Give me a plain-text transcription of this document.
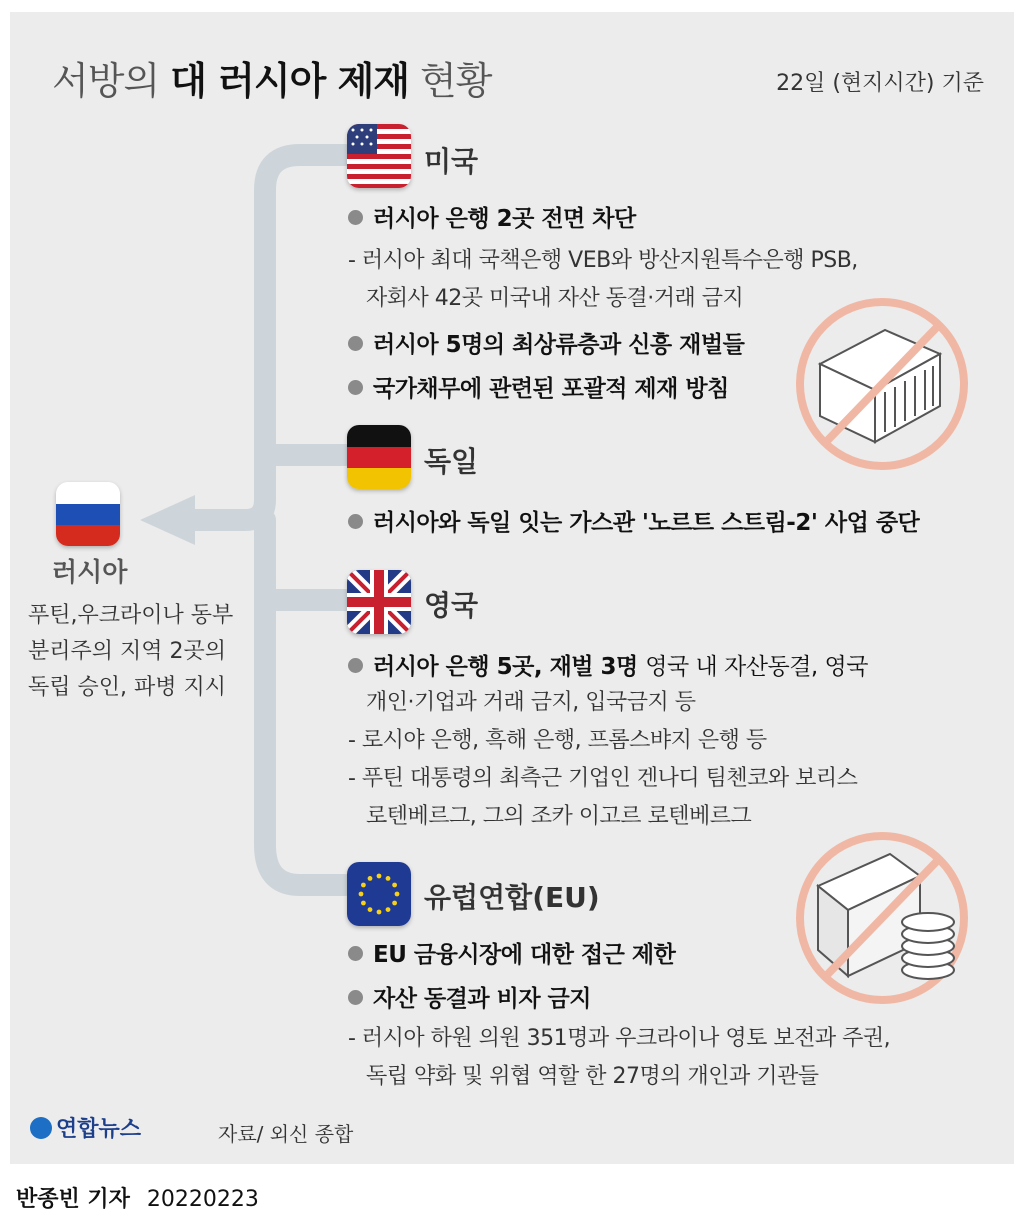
서방의 대 러시아 제재 현황	22일 (현지시간) 기준
러시아
푸틴,우크라이나 동부
분리주의 지역 2곳의
독립 승인, 파병 지시
미국
러시아 은행 2곳 전면 차단
- 러시아 최대 국책은행 VEB와 방산지원특수은행 PSB,
자회사 42곳 미국내 자산 동결·거래 금지
러시아 5명의 최상류층과 신흥 재벌들
국가채무에 관련된 포괄적 제재 방침
독일
러시아와 독일 잇는 가스관 '노르트 스트림-2' 사업 중단
영국
러시아 은행 5곳, 재벌 3명 영국 내 자산동결, 영국
개인·기업과 거래 금지, 입국금지 등
- 로시야 은행, 흑해 은행, 프롬스뱌지 은행 등
- 푸틴 대통령의 최측근 기업인 겐나디 팀첸코와 보리스
로텐베르그, 그의 조카 이고르 로텐베르그
유럽연합(EU)
EU 금융시장에 대한 접근 제한
자산 동결과 비자 금지
- 러시아 하원 의원 351명과 우크라이나 영토 보전과 주권,
독립 약화 및 위협 역할 한 27명의 개인과 기관들
연합뉴스	자료/ 외신 종합
반종빈 기자 20220223
